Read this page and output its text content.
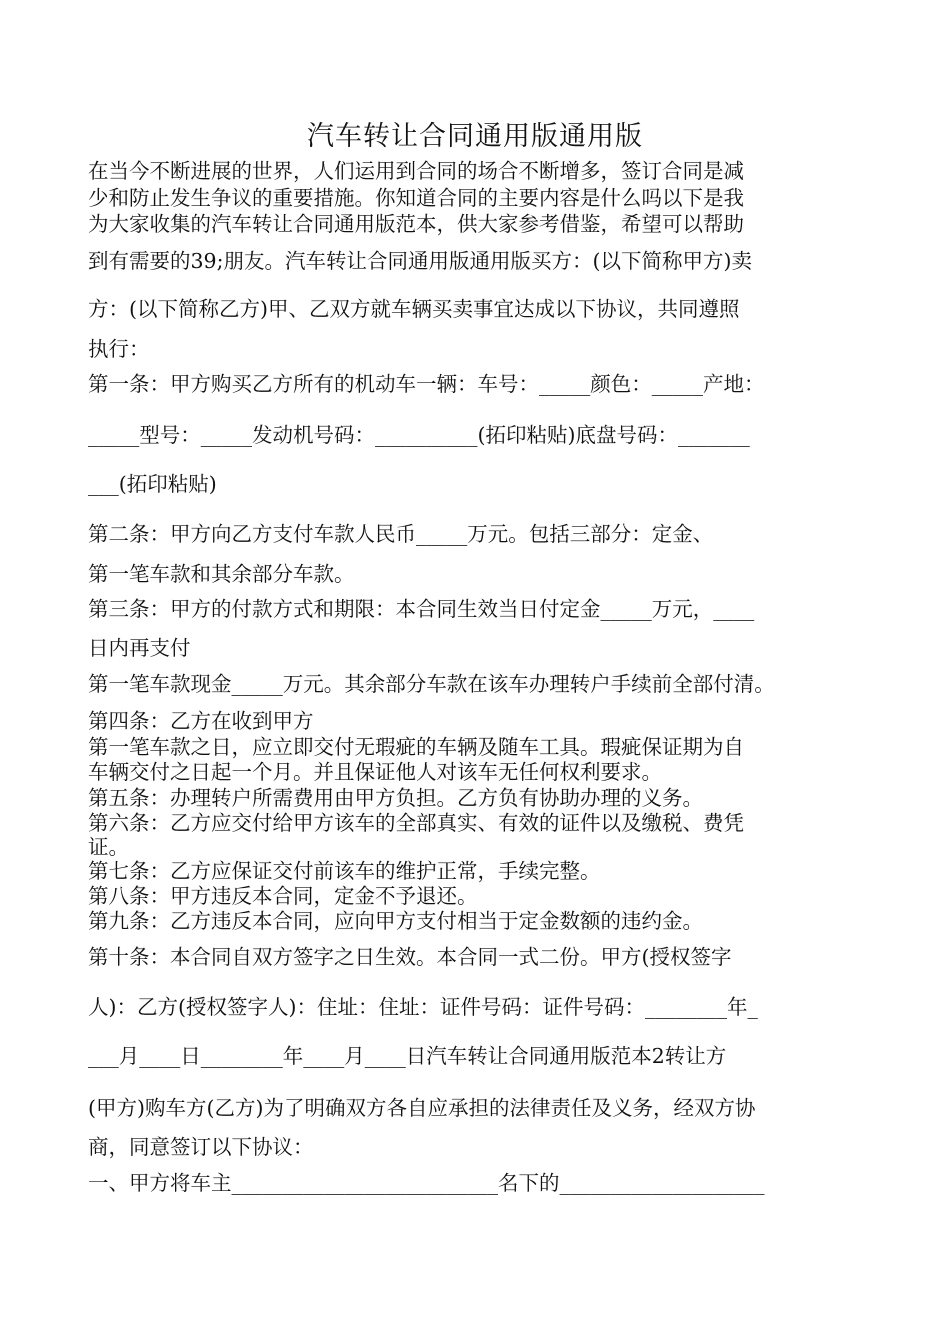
汽车转让合同通用版通用版
在当今不断进展的世界，人们运用到合同的场合不断增多，签订合同是减
少和防止发生争议的重要措施。你知道合同的主要内容是什么吗以下是我
为大家收集的汽车转让合同通用版范本，供大家参考借鉴，希望可以帮助
到有需要的39;朋友。汽车转让合同通用版通用版买方：(以下简称甲方)卖
方：(以下简称乙方)甲、乙双方就车辆买卖事宜达成以下协议，共同遵照
执行：
第一条：甲方购买乙方所有的机动车一辆：车号：_____颜色：_____产地：
_____型号：_____发动机号码：__________(拓印粘贴)底盘号码：_______
___(拓印粘贴)
第二条：甲方向乙方支付车款人民币_____万元。包括三部分：定金、
第一笔车款和其余部分车款。
第三条：甲方的付款方式和期限：本合同生效当日付定金_____万元，____
日内再支付
第一笔车款现金_____万元。其余部分车款在该车办理转户手续前全部付清。
第四条：乙方在收到甲方
第一笔车款之日，应立即交付无瑕疵的车辆及随车工具。瑕疵保证期为自
车辆交付之日起一个月。并且保证他人对该车无任何权利要求。
第五条：办理转户所需费用由甲方负担。乙方负有协助办理的义务。
第六条：乙方应交付给甲方该车的全部真实、有效的证件以及缴税、费凭
证。
第七条：乙方应保证交付前该车的维护正常，手续完整。
第八条：甲方违反本合同，定金不予退还。
第九条：乙方违反本合同，应向甲方支付相当于定金数额的违约金。
第十条：本合同自双方签字之日生效。本合同一式二份。甲方(授权签字
人)：乙方(授权签字人)：住址：住址：证件号码：证件号码：________年_
___月____日________年____月____日汽车转让合同通用版范本2转让方
(甲方)购车方(乙方)为了明确双方各自应承担的法律责任及义务，经双方协
商，同意签订以下协议：
一、甲方将车主__________________________名下的____________________
